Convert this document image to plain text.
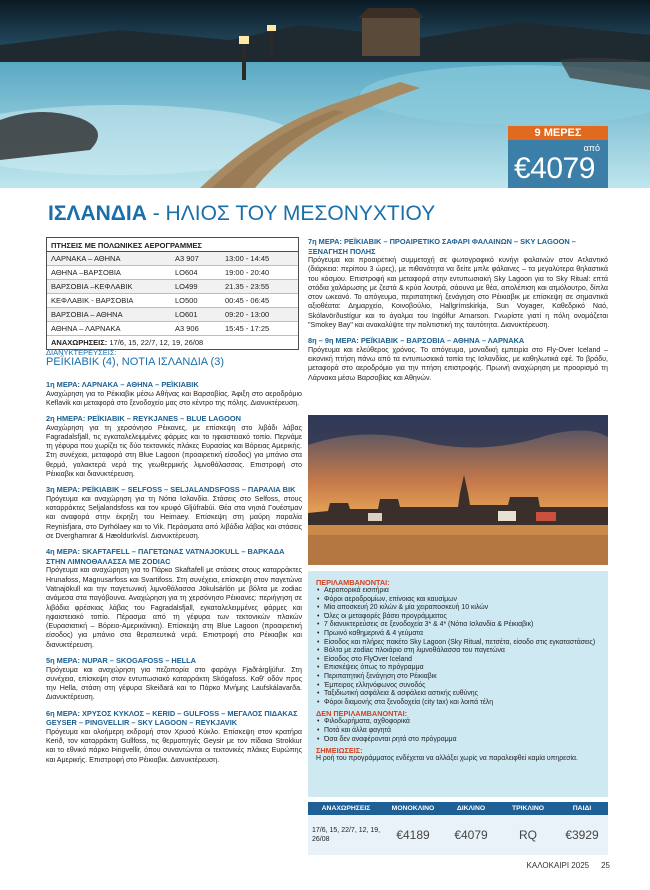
9 ΜΕΡΕΣ
από
€4079
ΙΣΛΑΝΔΙΑ - ΗΛΙΟΣ ΤΟΥ ΜΕΣΟΝΥΧΤΙΟΥ
ΠΤΗΣΕΙΣ ΜΕ ΠΟΛΩΝΙΚΕΣ ΑΕΡΟΓΡΑΜΜΕΣ
ΛΑΡΝΑΚΑ – ΑΘΗΝΑ	A3 907	13:00 - 14:45
ΑΘΗΝΑ –ΒΑΡΣΟΒΙΑ	LO604	19:00 - 20:40
ΒΑΡΣΟΒΙΑ –ΚΕΦΛΑΒΙΚ	LO499	21.35 - 23:55
ΚΕΦΛΑΒΙΚ - ΒΑΡΣΟΒΙΑ	LO500	00:45 - 06:45
ΒΑΡΣΟΒΙΑ – ΑΘΗΝΑ	LO601	09:20 - 13:00
ΑΘΗΝΑ – ΛΑΡΝΑΚΑ	A3 906	15:45 - 17:25
ΑΝΑΧΩΡΗΣΕΙΣ: 17/6, 15, 22/7, 12, 19, 26/08
ΔΙΑΝΥΚΤΕΡΕΥΣΕΙΣ:
ΡΕΪΚΙΑΒΙΚ (4), ΝΟΤΙΑ ΙΣΛΑΝΔΙΑ (3)
1η ΜΕΡΑ: ΛΑΡΝΑΚΑ – ΑΘΗΝΑ – ΡΕΪΚΙΑΒΙΚ
Αναχώρηση για το Ρέικιαβικ μέσω Αθήνας και Βαρσοβίας. Άφιξη στο αεροδρόμιο Keflavik και μεταφορά στο ξενοδοχείο μας στο κέντρο της πόλης. Διανυκτέρευση.
2η ΗΜΕΡΑ: ΡΕΪΚΙΑΒΙΚ – REYKJANES – BLUE LAGOON
Αναχώρηση για τη χερσόνησο Ρέικανες, με επίσκεψη στο λιβάδι λάβας Fagradalsfjall, τις εγκαταλελειμμένες φάρμες και το ηφαιστειακό τοπίο. Περνάμε τη γέφυρα που χωρίζει τις δύο τεκτονικές πλάκες Ευρασίας και Βόρειας Αμερικής. Στη συνέχεια, μεταφορά στη Blue Lagoon (προαιρετική είσοδος) για μπάνιο στα θερμά, γαλακτερά νερά της γεωθερμικής λιμνοθάλασσας. Επιστροφή στο Ρέικιαβικ και διανυκτέρευση.
3η ΜΕΡΑ: ΡΕΪΚΙΑΒΙΚ – SELFOSS – SELJALANDSFOSS – ΠΑΡΑΛΙΑ ΒΙΚ
Πρόγευμα και αναχώρηση για τη Νότια Ισλανδία. Στάσεις στο Selfoss, στους καταρράκτες Seljalandsfoss και τον κρυφό Gljúfrabúi. Θέα στα νησιά Γουέστμαν και αναφορά στην έκρηξη του Heimaey. Επίσκεψη στη μαύρη παραλία Reynisfjara, στο Dyrhólaey και το Vik. Περάσματα από λιβάδια λάβας και στάσεις σε Dverghamrar & Hæoldurkvísl. Διανυκτέρευση.
4η ΜΕΡΑ: SKAFTAFELL – ΠΑΓΕΤΩΝΑΣ VATNAJOKULL – ΒΑΡΚΑΔΑ ΣΤΗΝ ΛΙΜΝΟΘΑΛΑΣΣΑ ΜΕ ZODIAC
Πρόγευμα και αναχώρηση για το Πάρκο Skaftafell με στάσεις στους καταρράκτες Hrunafoss, Magnusarfoss και Svartifoss. Στη συνέχεια, επίσκεψη στον παγετώνα Vatnajökull και την παγετωνική λιμνοθάλασσα Jökulsárlón με βόλτα με zodiac ανάμεσα στα παγόβουνα. Αναχώρηση για τη χερσόνησο Ρέικιανες: περιήγηση σε λιβάδια φρέσκιας λάβας του Fagradalsfjall, εγκαταλελειμμένες φάρμες και ηφαιστειακό τοπίο. Πέρασμα από τη γέφυρα των τεκτονικών πλακών (Ευρασιατική – Βόρειο-Αμερικάνικη). Επίσκεψη στη Blue Lagoon (προαιρετική είσοδος) για μπάνιο στα θεραπευτικά νερά. Επιστροφή στο Ρέικιαβικ και διανυκτέρευση.
5η ΜΕΡΑ: NUPAR – SKOGAFOSS – HELLA
Πρόγευμα και αναχώρηση για πεζοπορία στο φαράγγι Fjaðrárgljúfur. Στη συνέχεια, επίσκεψη στον εντυπωσιακό καταρράκτη Skógafoss. Καθ' οδόν προς την Hella, στάση στη γέφυρα Skeiðará και το Πάρκο Μνήμης Laufskálavarða. Διανυκτέρευση.
6η ΜΕΡΑ: ΧΡΥΣΟΣ ΚΥΚΛΟΣ – KERID – GULFOSS – ΜΕΓΑΛΟΣ ΠΙΔΑΚΑΣ GEYSER – PINGVELLIR – SKY LAGOON – REYKJAVIK
Πρόγευμα και ολοήμερη εκδρομή στον Χρυσό Κύκλο. Επίσκεψη στον κρατήρα Kerið, τον καταρράκτη Gullfoss, τις θερμοπηγές Geysir με τον πίδακα Strokkur και το εθνικό πάρκο Þingvellir, όπου συναντώνται οι τεκτονικές πλάκες Ευρώπης και Αμερικής. Επιστροφή στο Ρέικιαβικ. Διανυκτέρευση.
7η ΜΕΡΑ: ΡΕΪΚΙΑΒΙΚ – ΠΡΟΑΙΡΕΤΙΚΟ ΣΑΦΑΡΙ ΦΑΛΑΙΝΩΝ – SKY LAGOON – ΞΕΝΑΓΗΣΗ ΠΟΛΗΣ
Πρόγευμα και προαιρετική συμμετοχή σε φωτογραφικό κυνήγι φαλαινών στον Ατλαντικό (διάρκεια: περίπου 3 ώρες), με πιθανότητα να δείτε μπλε φάλαινες – τα μεγαλύτερα θηλαστικά του κόσμου. Επιστροφή και μεταφορά στην εντυπωσιακή Sky Lagoon για το Sky Ritual: επτά στάδια χαλάρωσης με ζεστά & κρύα λουτρά, σάουνα με θέα, απολέπιση και ατμόλουτρο, δίπλα στον ωκεανό. Το απόγευμα, περιπατητική ξενάγηση στο Ρέικιαβικ με επίσκεψη σε σημαντικά αξιοθέατα: Δημαρχείο, Κοινοβούλιο, Hallgrímskirkja, Sun Voyager, Καθεδρικό Ναό, Skólavörðustígur και το άγαλμα του Ingólfur Arnarson. Γνωρίστε γιατί η πόλη ονομάζεται "Smokey Bay" και ανακαλύψτε την πολιτιστική της ταυτότητα. Διανυκτέρευση.
8η – 9η ΜΕΡΑ: ΡΕΪΚΙΑΒΙΚ – ΒΑΡΣΟΒΙΑ – ΑΘΗΝΑ – ΛΑΡΝΑΚΑ
Πρόγευμα και ελεύθερος χρόνος. Το απόγευμα, μοναδική εμπειρία στο Fly-Over Iceland – εικονική πτήση πάνω από τα εντυπωσιακά τοπία της Ισλανδίας, με καθηλωτικά εφέ. Το βράδυ, μεταφορά στο αεροδρόμιο για την πτήση επιστροφής. Πρωινή αναχώρηση με προορισμό τη Λάρνακα μέσω Βαρσοβίας και Αθηνών.
ΠΕΡΙΛΑΜΒΑΝΟΝΤΑΙ:
• Αεροπορικά εισιτήρια
• Φόροι αεροδρομίων, επίνοιας και καυσίμων
• Μία αποσκευή 20 κιλών & μία χειραποσκευή 10 κιλών
• Όλες οι μεταφορές βάσει προγράμματος
• 7 διανυκτερεύσεις σε ξενοδοχεία 3* & 4* (Νότια Ισλανδία & Ρέικιαβικ)
• Πρωινό καθημερινά & 4 γεύματα
• Είσοδος και πλήρες πακέτο Sky Lagoon (Sky Ritual, πετσέτα, είσοδο στις εγκαταστάσεις)
• Βόλτα με zodiac πλοιάριο στη λιμνοθάλασσα του παγετώνα
• Είσοδος στο FlyOver Iceland
• Επισκέψεις όπως το πρόγραμμα
• Περιπατητική ξενάγηση στο Ρέικιαβικ
• Έμπειρος ελληνόφωνος συνοδός
• Ταξιδιωτική ασφάλεια & ασφάλεια αστικής ευθύνης
• Φόροι διαμονής στα ξενοδοχεία (city tax) και λοιπά τέλη
ΔΕΝ ΠΕΡΙΛΑΜΒΑΝΟΝΤΑΙ:
• Φιλοδωρήματα, αχθοφορικά
• Ποτά και άλλα φαγητά
• Όσα δεν αναφέρονται ρητά στο πρόγραμμα
ΣΗΜΕΙΩΣΕΙΣ:
Η ροή του προγράμματος ενδέχεται να αλλάξει χωρίς να παραλειφθεί καμία υπηρεσία.
ΑΝΑΧΩΡΗΣΕΙΣ	ΜΟΝΟΚΛΙΝΟ	ΔΙΚΛΙΝΟ	ΤΡΙΚΛΙΝΟ	ΠΑΙΔΙ
17/6, 15, 22/7, 12, 19, 26/08	€4189	€4079	RQ	€3929
ΚΑΛΟΚΑΙΡΙ 2025 25
